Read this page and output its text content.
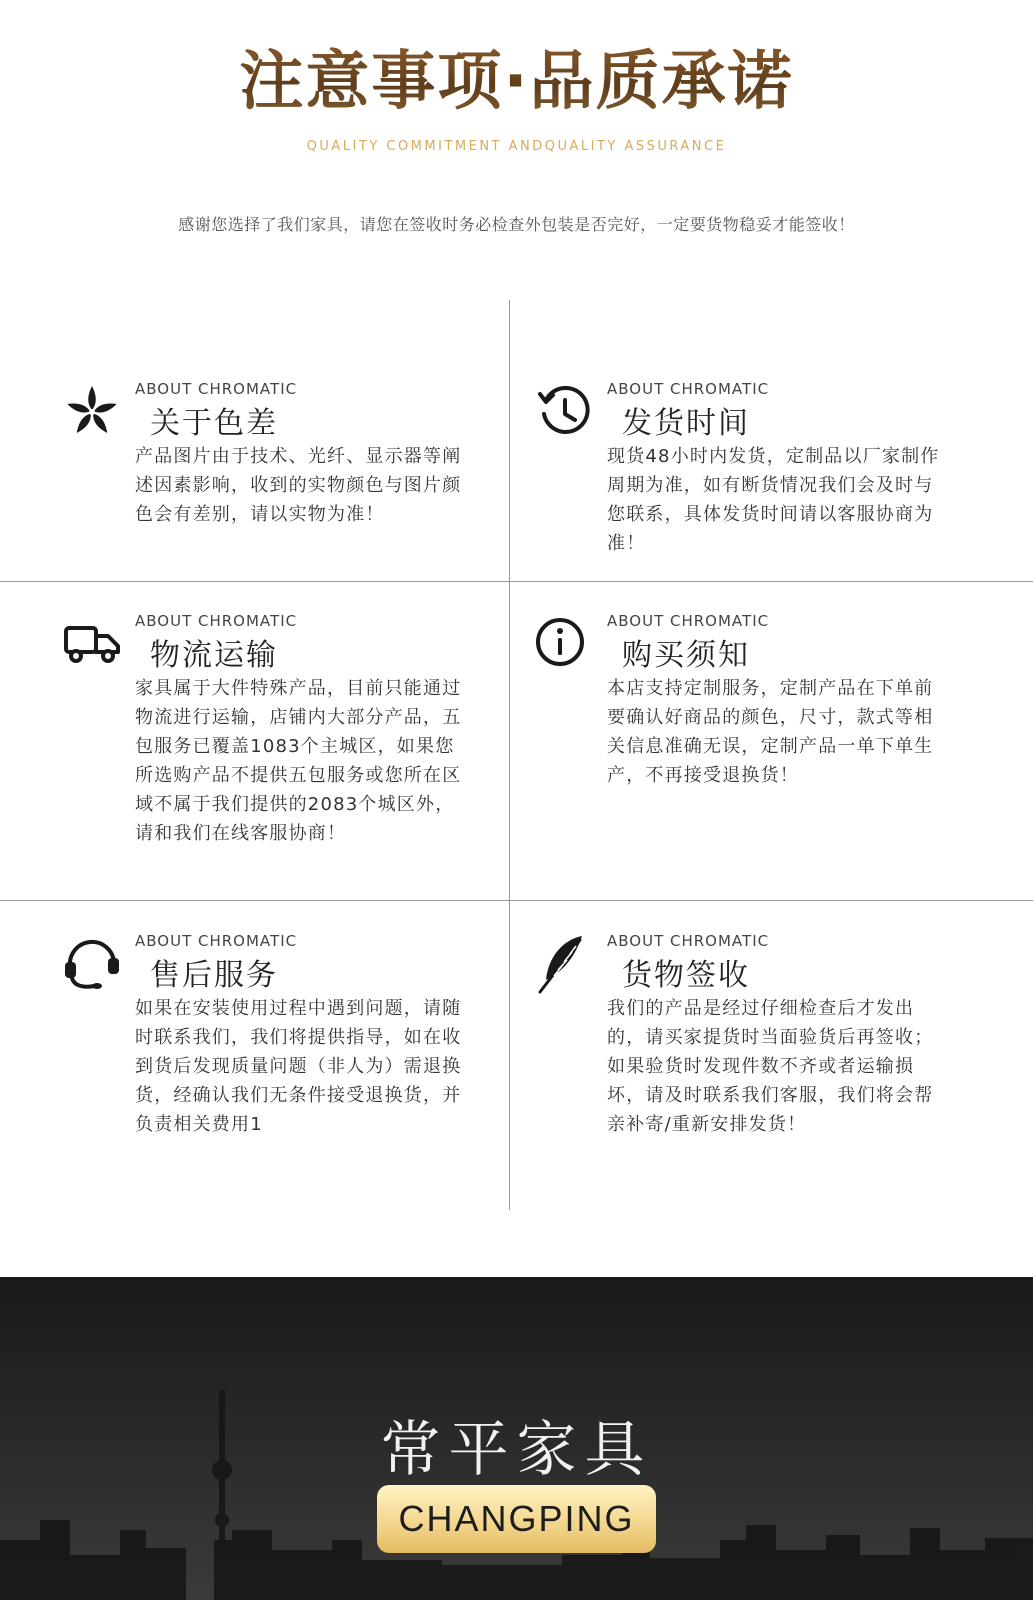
注意事项·品质承诺
QUALITY COMMITMENT ANDQUALITY ASSURANCE
感谢您选择了我们家具，请您在签收时务必检查外包装是否完好，一定要货物稳妥才能签收！
ABOUT CHROMATIC
关于色差
产品图片由于技术、光纤、显示器等阐述因素影响，收到的实物颜色与图片颜色会有差别，请以实物为准！
ABOUT CHROMATIC
发货时间
现货48小时内发货，定制品以厂家制作周期为准，如有断货情况我们会及时与您联系，具体发货时间请以客服协商为准！
ABOUT CHROMATIC
物流运输
家具属于大件特殊产品，目前只能通过物流进行运输，店铺内大部分产品，五包服务已覆盖1083个主城区，如果您所选购产品不提供五包服务或您所在区域不属于我们提供的2083个城区外，请和我们在线客服协商！
ABOUT CHROMATIC
购买须知
本店支持定制服务，定制产品在下单前要确认好商品的颜色，尺寸，款式等相关信息准确无误，定制产品一单下单生产，不再接受退换货！
ABOUT CHROMATIC
售后服务
如果在安装使用过程中遇到问题，请随时联系我们，我们将提供指导，如在收到货后发现质量问题（非人为）需退换货，经确认我们无条件接受退换货，并负责相关费用1
ABOUT CHROMATIC
货物签收
我们的产品是经过仔细检查后才发出的，请买家提货时当面验货后再签收；如果验货时发现件数不齐或者运输损坏，请及时联系我们客服，我们将会帮亲补寄/重新安排发货！
常平家具
CHANGPING
